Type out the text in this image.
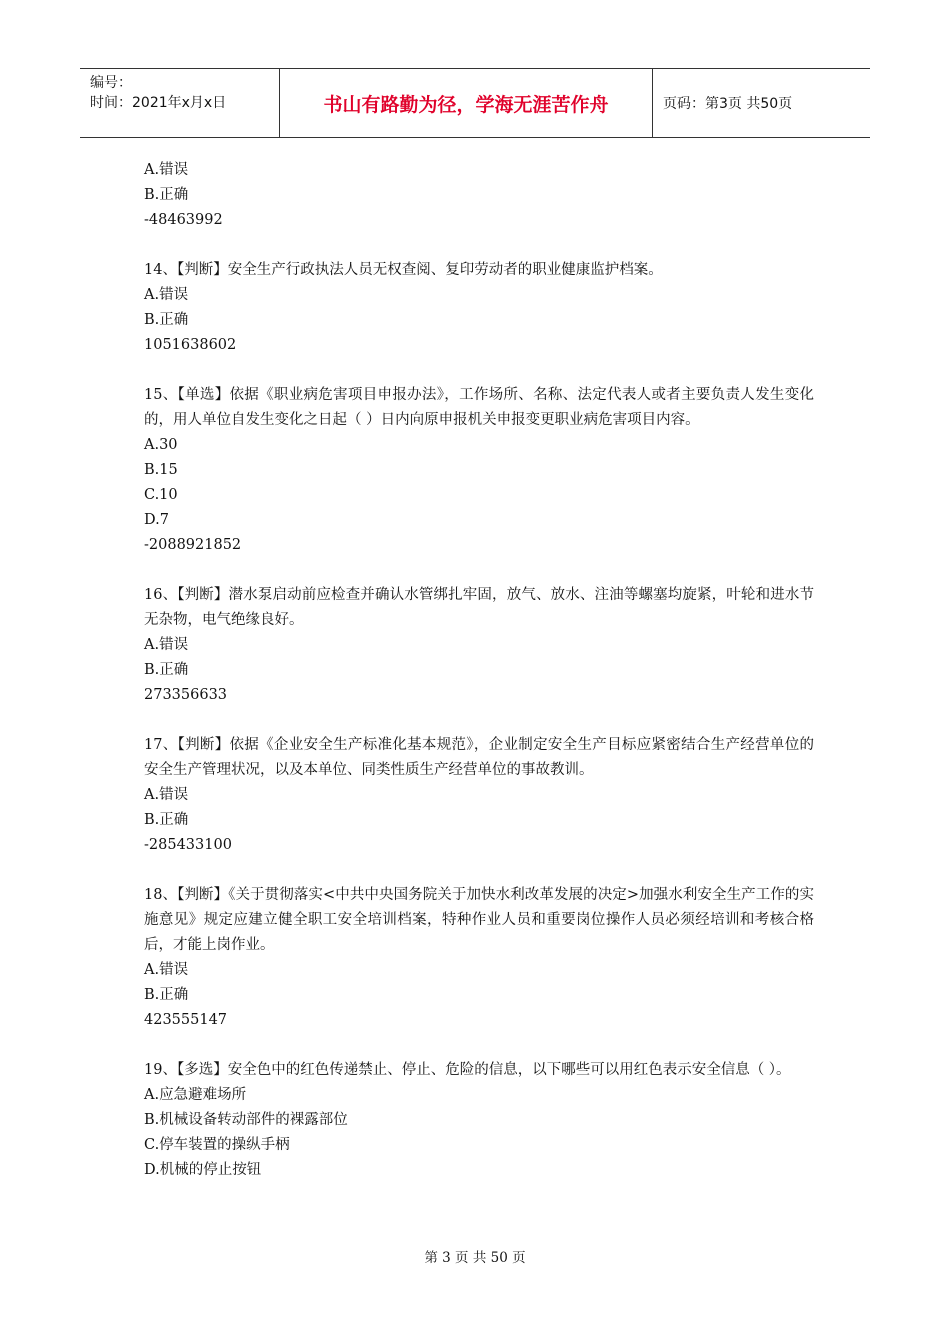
编号：
时间：2021年x月x日	书山有路勤为径，学海无涯苦作舟	页码：第3页 共50页

A.错误

B.正确

-48463992

14、【判断】安全生产行政执法人员无权查阅、复印劳动者的职业健康监护档案。

A.错误

B.正确

1051638602

15、【单选】依据《职业病危害项目申报办法》，工作场所、名称、法定代表人或者主要负责人发生变化的，用人单位自发生变化之日起（ ）日内向原申报机关申报变更职业病危害项目内容。

A.30

B.15

C.10

D.7

-2088921852

16、【判断】潜水泵启动前应检查并确认水管绑扎牢固，放气、放水、注油等螺塞均旋紧，叶轮和进水节无杂物，电气绝缘良好。

A.错误

B.正确

273356633

17、【判断】依据《企业安全生产标准化基本规范》，企业制定安全生产目标应紧密结合生产经营单位的安全生产管理状况，以及本单位、同类性质生产经营单位的事故教训。

A.错误

B.正确

-285433100

18、【判断】《关于贯彻落实<中共中央国务院关于加快水利改革发展的决定>加强水利安全生产工作的实施意见》规定应建立健全职工安全培训档案，特种作业人员和重要岗位操作人员必须经培训和考核合格后，才能上岗作业。

A.错误

B.正确

423555147

19、【多选】安全色中的红色传递禁止、停止、危险的信息，以下哪些可以用红色表示安全信息（ ）。

A.应急避难场所

B.机械设备转动部件的裸露部位

C.停车装置的操纵手柄

D.机械的停止按钮

第 3 页 共 50 页
